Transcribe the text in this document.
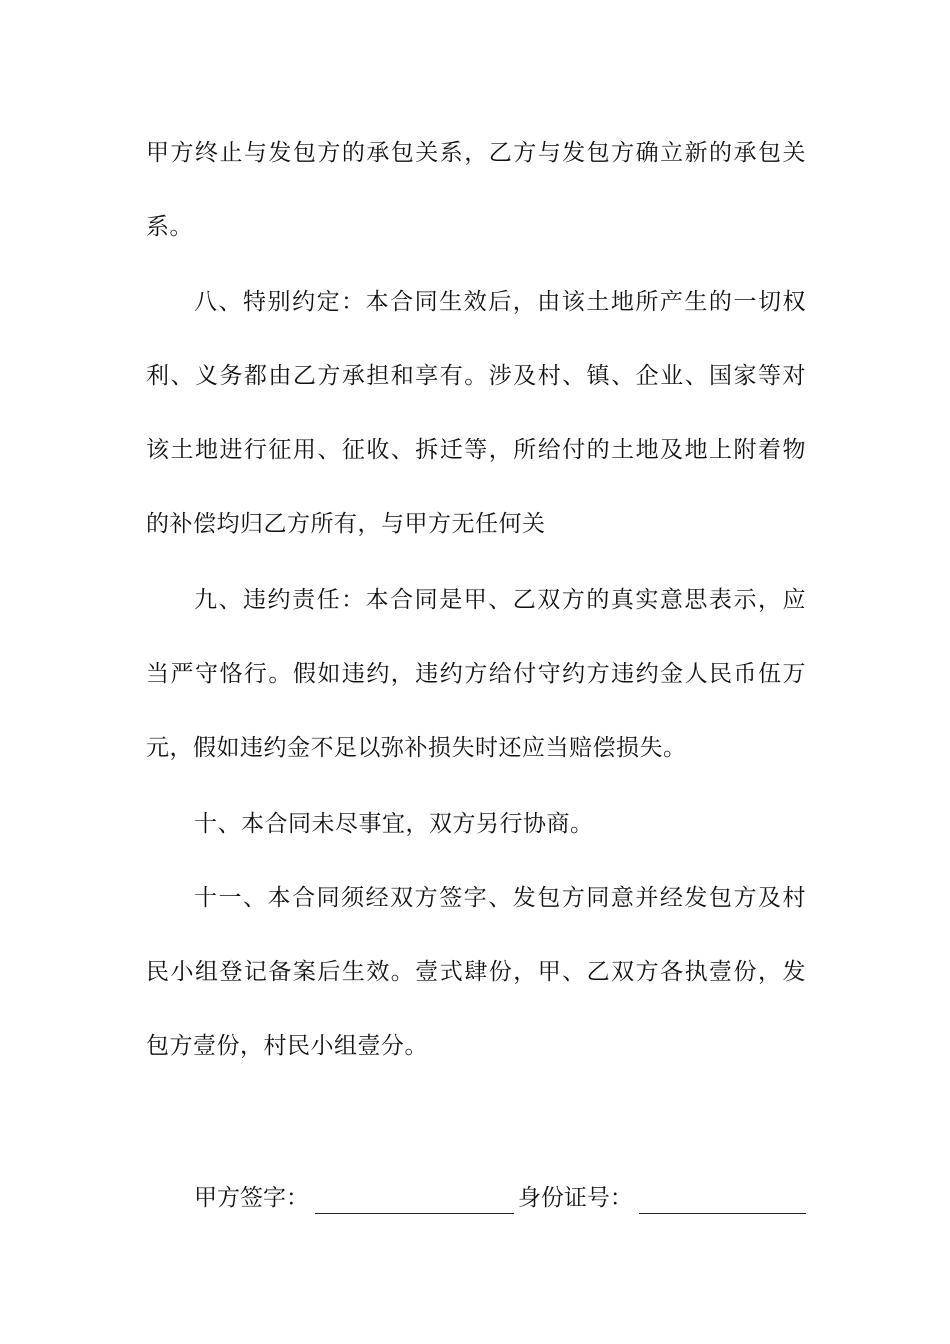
甲方终止与发包方的承包关系，乙方与发包方确立新的承包关
系。
八、特别约定：本合同生效后，由该土地所产生的一切权
利、义务都由乙方承担和享有。涉及村、镇、企业、国家等对
该土地进行征用、征收、拆迁等，所给付的土地及地上附着物
的补偿均归乙方所有，与甲方无任何关
九、违约责任：本合同是甲、乙双方的真实意思表示，应
当严守恪行。假如违约，违约方给付守约方违约金人民币伍万
元，假如违约金不足以弥补损失时还应当赔偿损失。
十、本合同未尽事宜，双方另行协商。
十一、本合同须经双方签字、发包方同意并经发包方及村
民小组登记备案后生效。壹式肆份，甲、乙双方各执壹份，发
包方壹份，村民小组壹分。
甲方签字：	身份证号：
